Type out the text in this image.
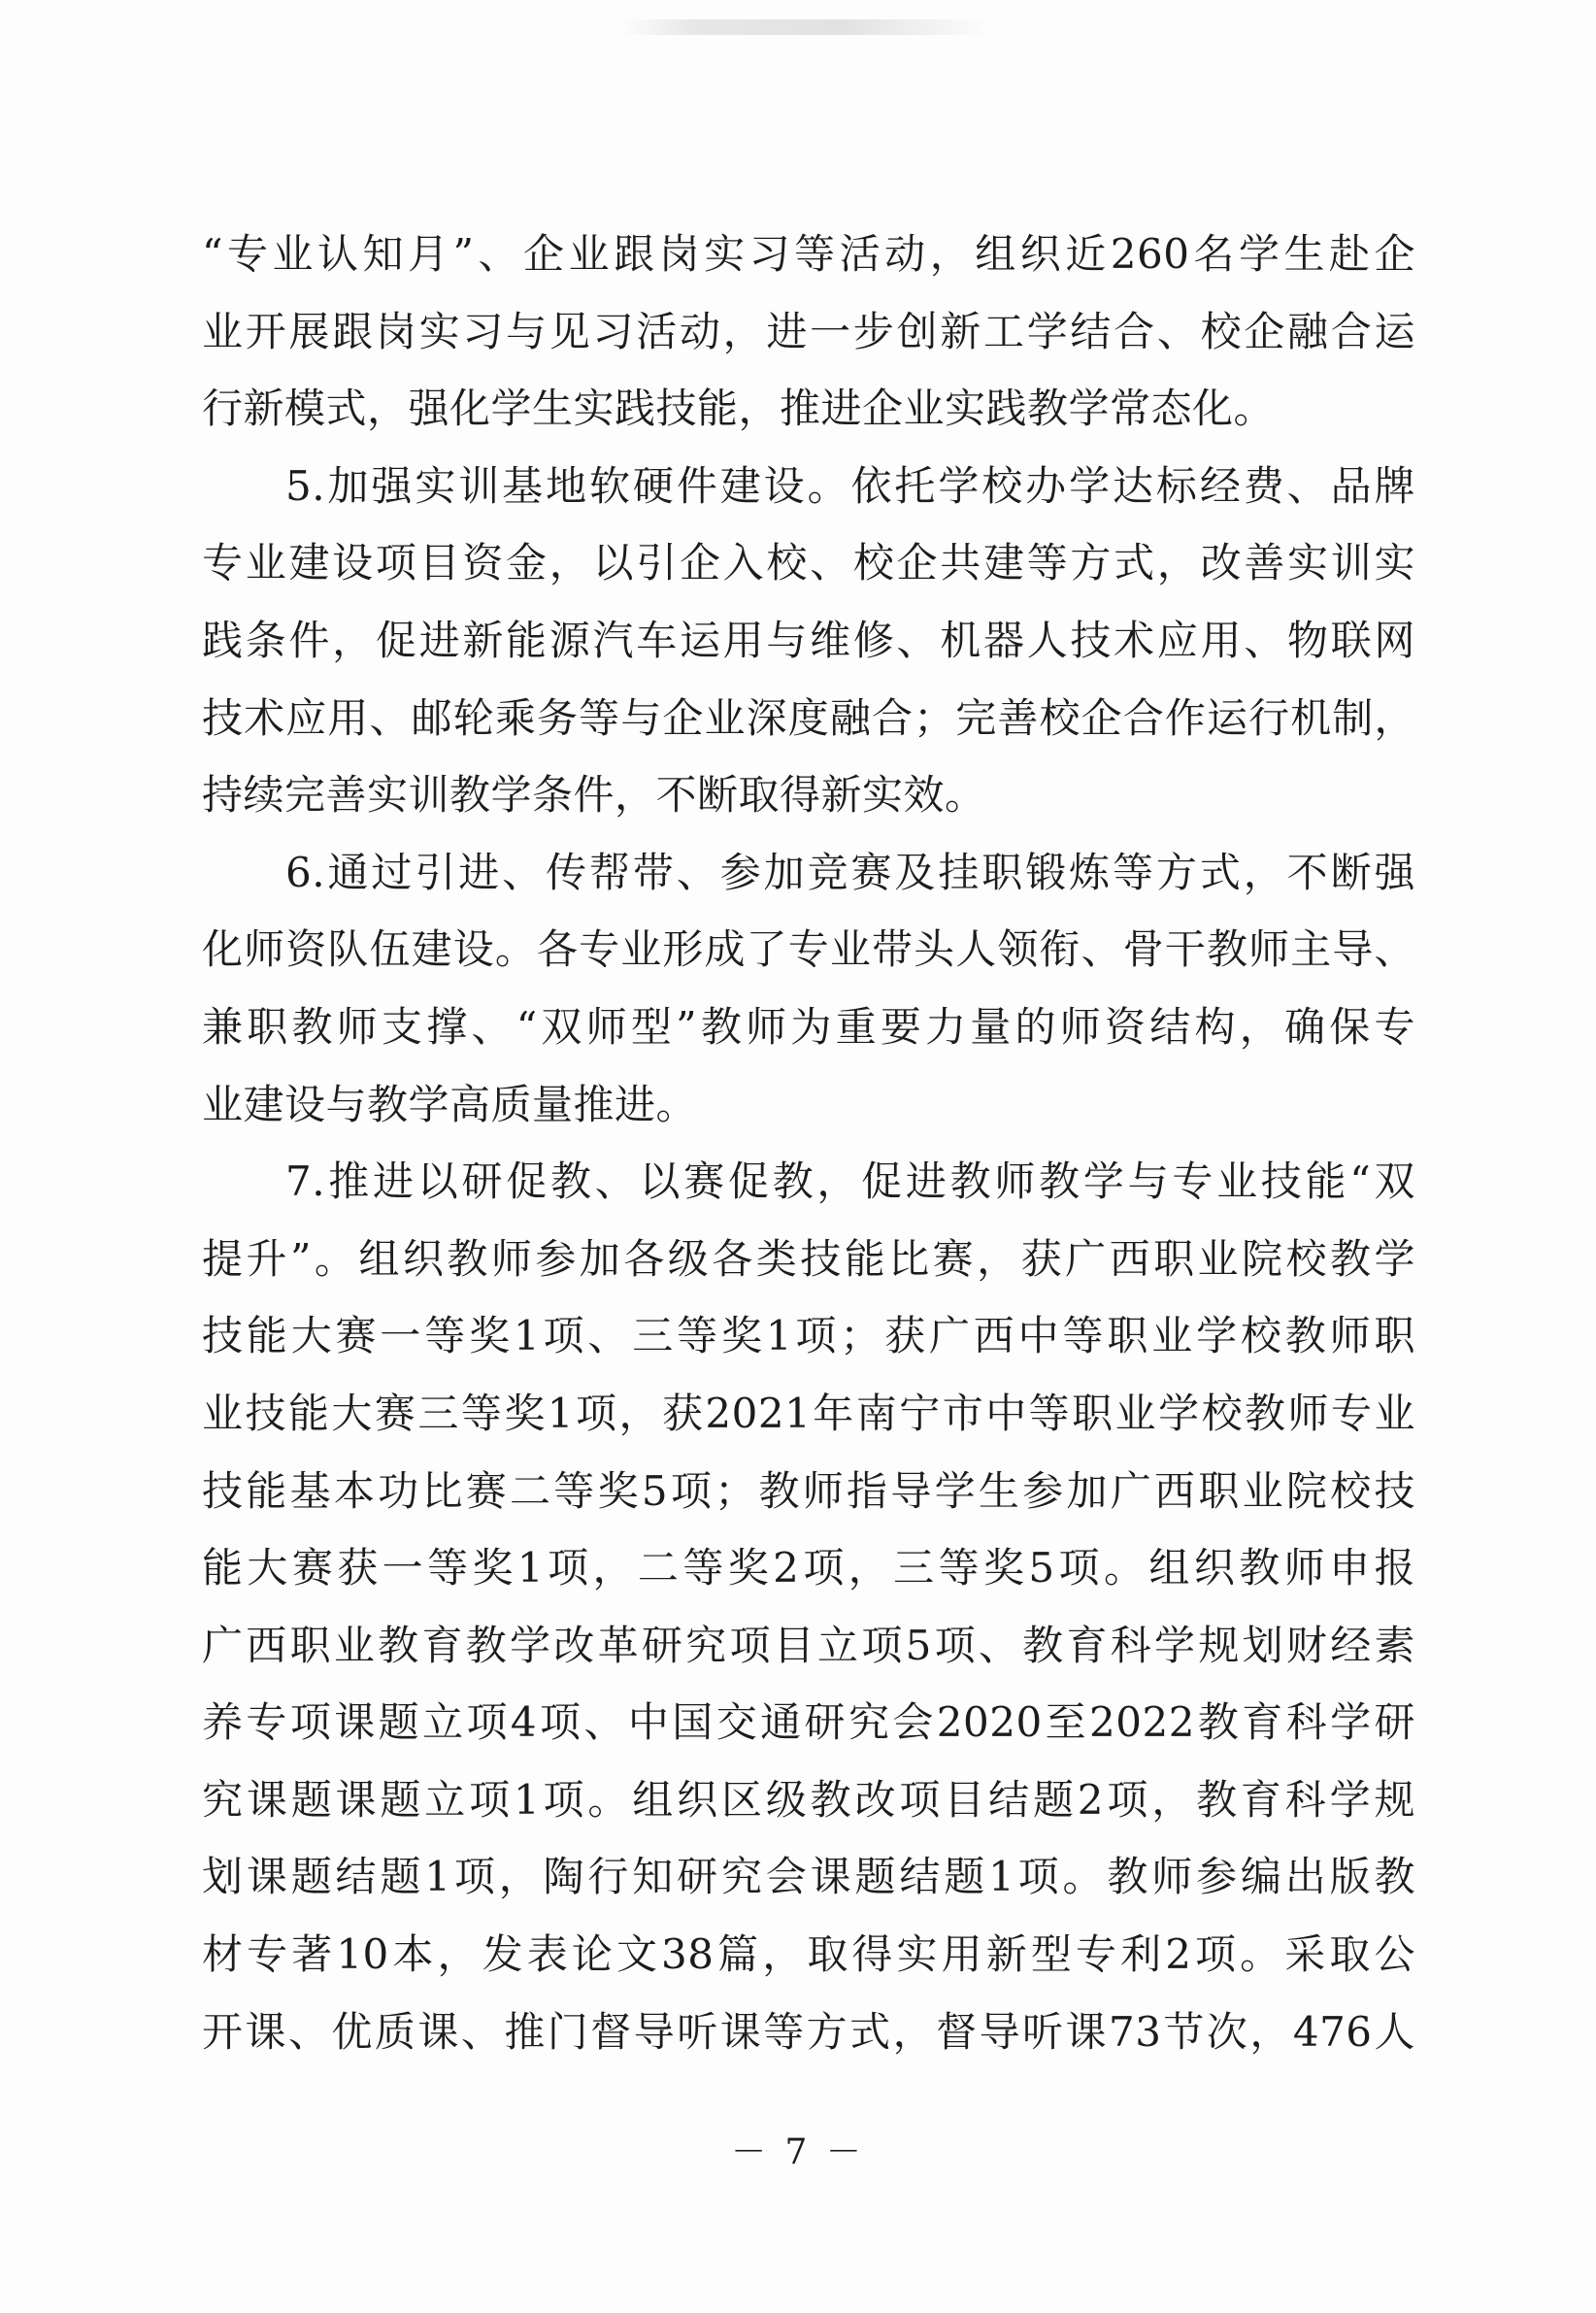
“专业认知月”、企业跟岗实习等活动，组织近260名学生赴企
业开展跟岗实习与见习活动，进一步创新工学结合、校企融合运
行新模式，强化学生实践技能，推进企业实践教学常态化。
5.加强实训基地软硬件建设。依托学校办学达标经费、品牌
专业建设项目资金，以引企入校、校企共建等方式，改善实训实
践条件，促进新能源汽车运用与维修、机器人技术应用、物联网
技术应用、邮轮乘务等与企业深度融合；完善校企合作运行机制，
持续完善实训教学条件，不断取得新实效。
6.通过引进、传帮带、参加竞赛及挂职锻炼等方式，不断强
化师资队伍建设。各专业形成了专业带头人领衔、骨干教师主导、
兼职教师支撑、“双师型”教师为重要力量的师资结构，确保专
业建设与教学高质量推进。
7.推进以研促教、以赛促教，促进教师教学与专业技能“双
提升”。组织教师参加各级各类技能比赛，获广西职业院校教学
技能大赛一等奖1项、三等奖1项；获广西中等职业学校教师职
业技能大赛三等奖1项，获2021年南宁市中等职业学校教师专业
技能基本功比赛二等奖5项；教师指导学生参加广西职业院校技
能大赛获一等奖1项，二等奖2项，三等奖5项。组织教师申报
广西职业教育教学改革研究项目立项5项、教育科学规划财经素
养专项课题立项4项、中国交通研究会2020至2022教育科学研
究课题课题立项1项。组织区级教改项目结题2项，教育科学规
划课题结题1项，陶行知研究会课题结题1项。教师参编出版教
材专著10本，发表论文38篇，取得实用新型专利2项。采取公
开课、优质课、推门督导听课等方式，督导听课73节次，476人
－ 7 －
